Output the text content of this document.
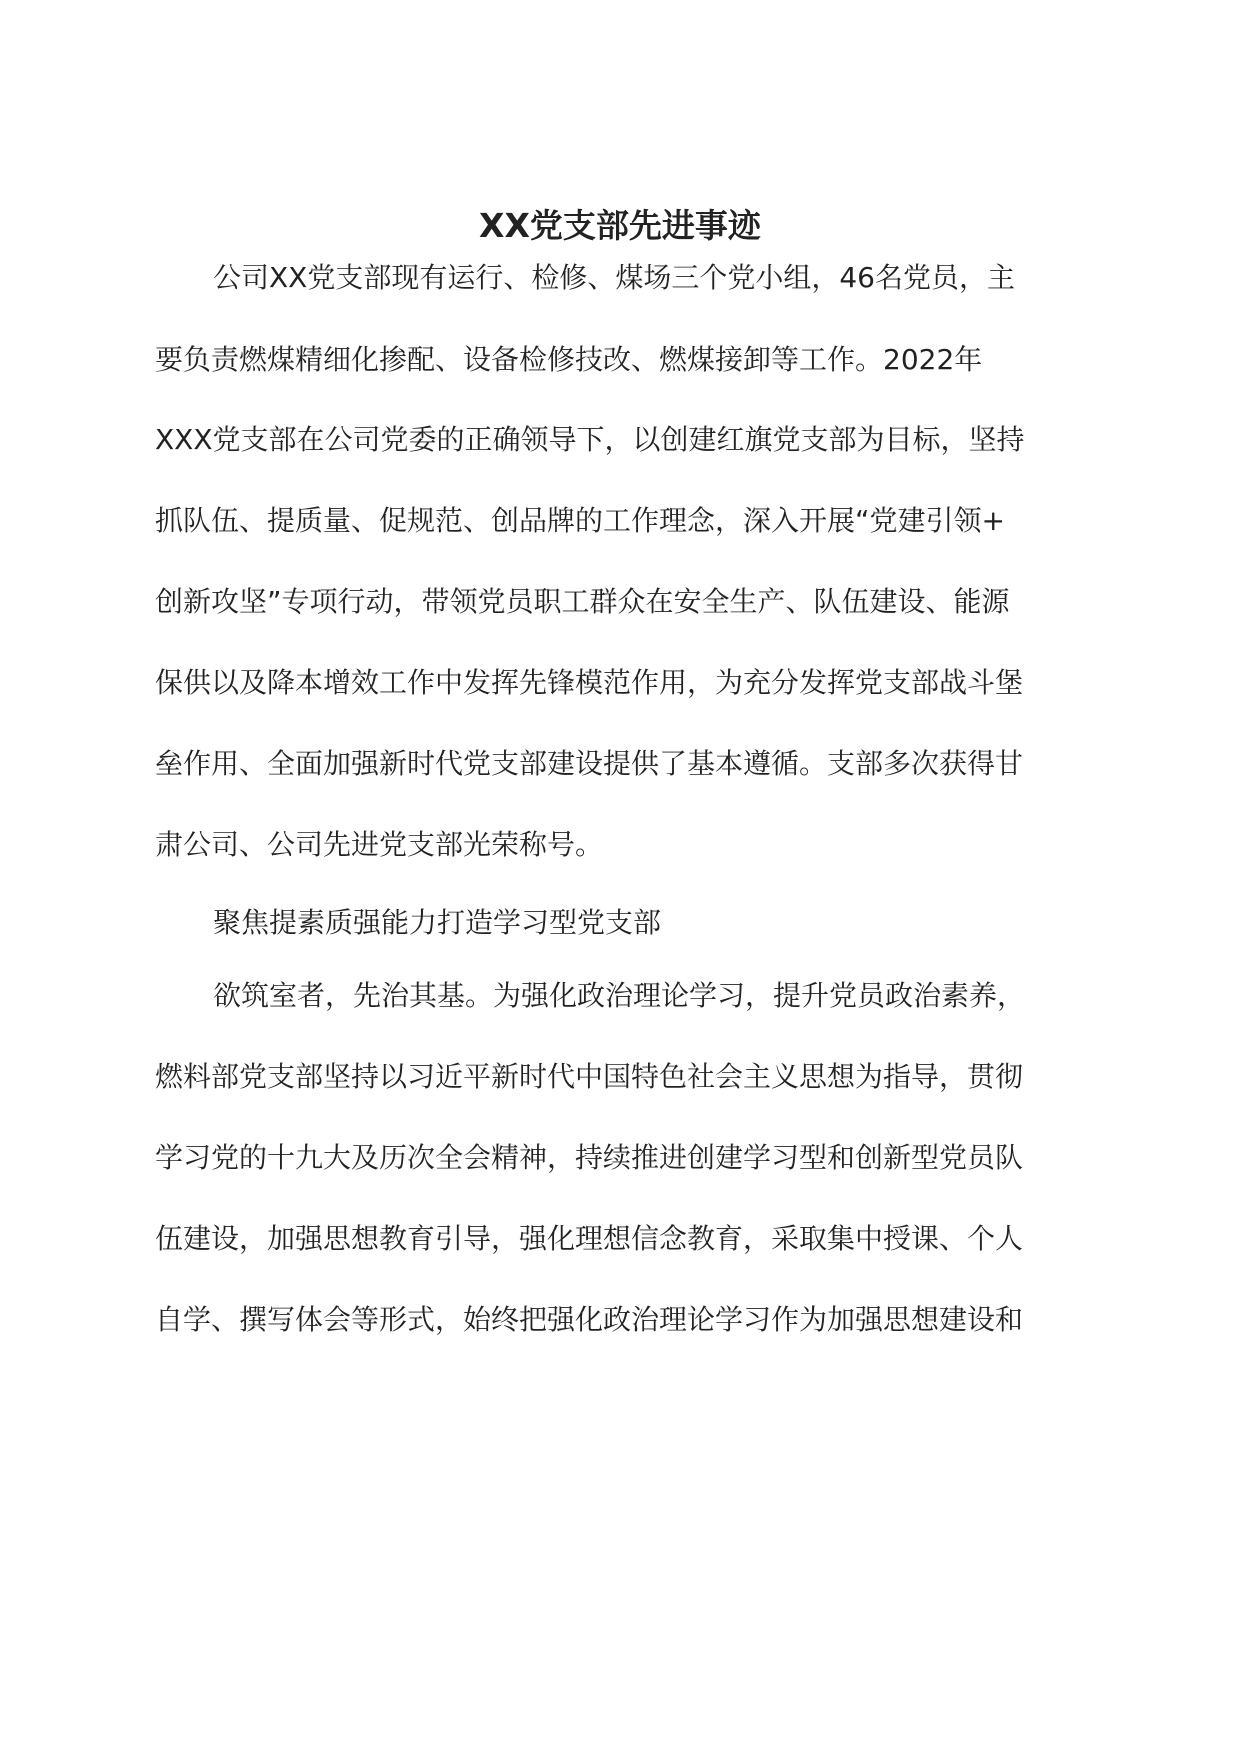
XX党支部先进事迹

公司XX党支部现有运行、检修、煤场三个党小组，46名党员，主

要负责燃煤精细化掺配、设备检修技改、燃煤接卸等工作。2022年

XXX党支部在公司党委的正确领导下，以创建红旗党支部为目标，坚持

抓队伍、提质量、促规范、创品牌的工作理念，深入开展“党建引领+

创新攻坚”专项行动，带领党员职工群众在安全生产、队伍建设、能源

保供以及降本增效工作中发挥先锋模范作用，为充分发挥党支部战斗堡

垒作用、全面加强新时代党支部建设提供了基本遵循。支部多次获得甘

肃公司、公司先进党支部光荣称号。

聚焦提素质强能力打造学习型党支部

欲筑室者，先治其基。为强化政治理论学习，提升党员政治素养，

燃料部党支部坚持以习近平新时代中国特色社会主义思想为指导，贯彻

学习党的十九大及历次全会精神，持续推进创建学习型和创新型党员队

伍建设，加强思想教育引导，强化理想信念教育，采取集中授课、个人

自学、撰写体会等形式，始终把强化政治理论学习作为加强思想建设和
